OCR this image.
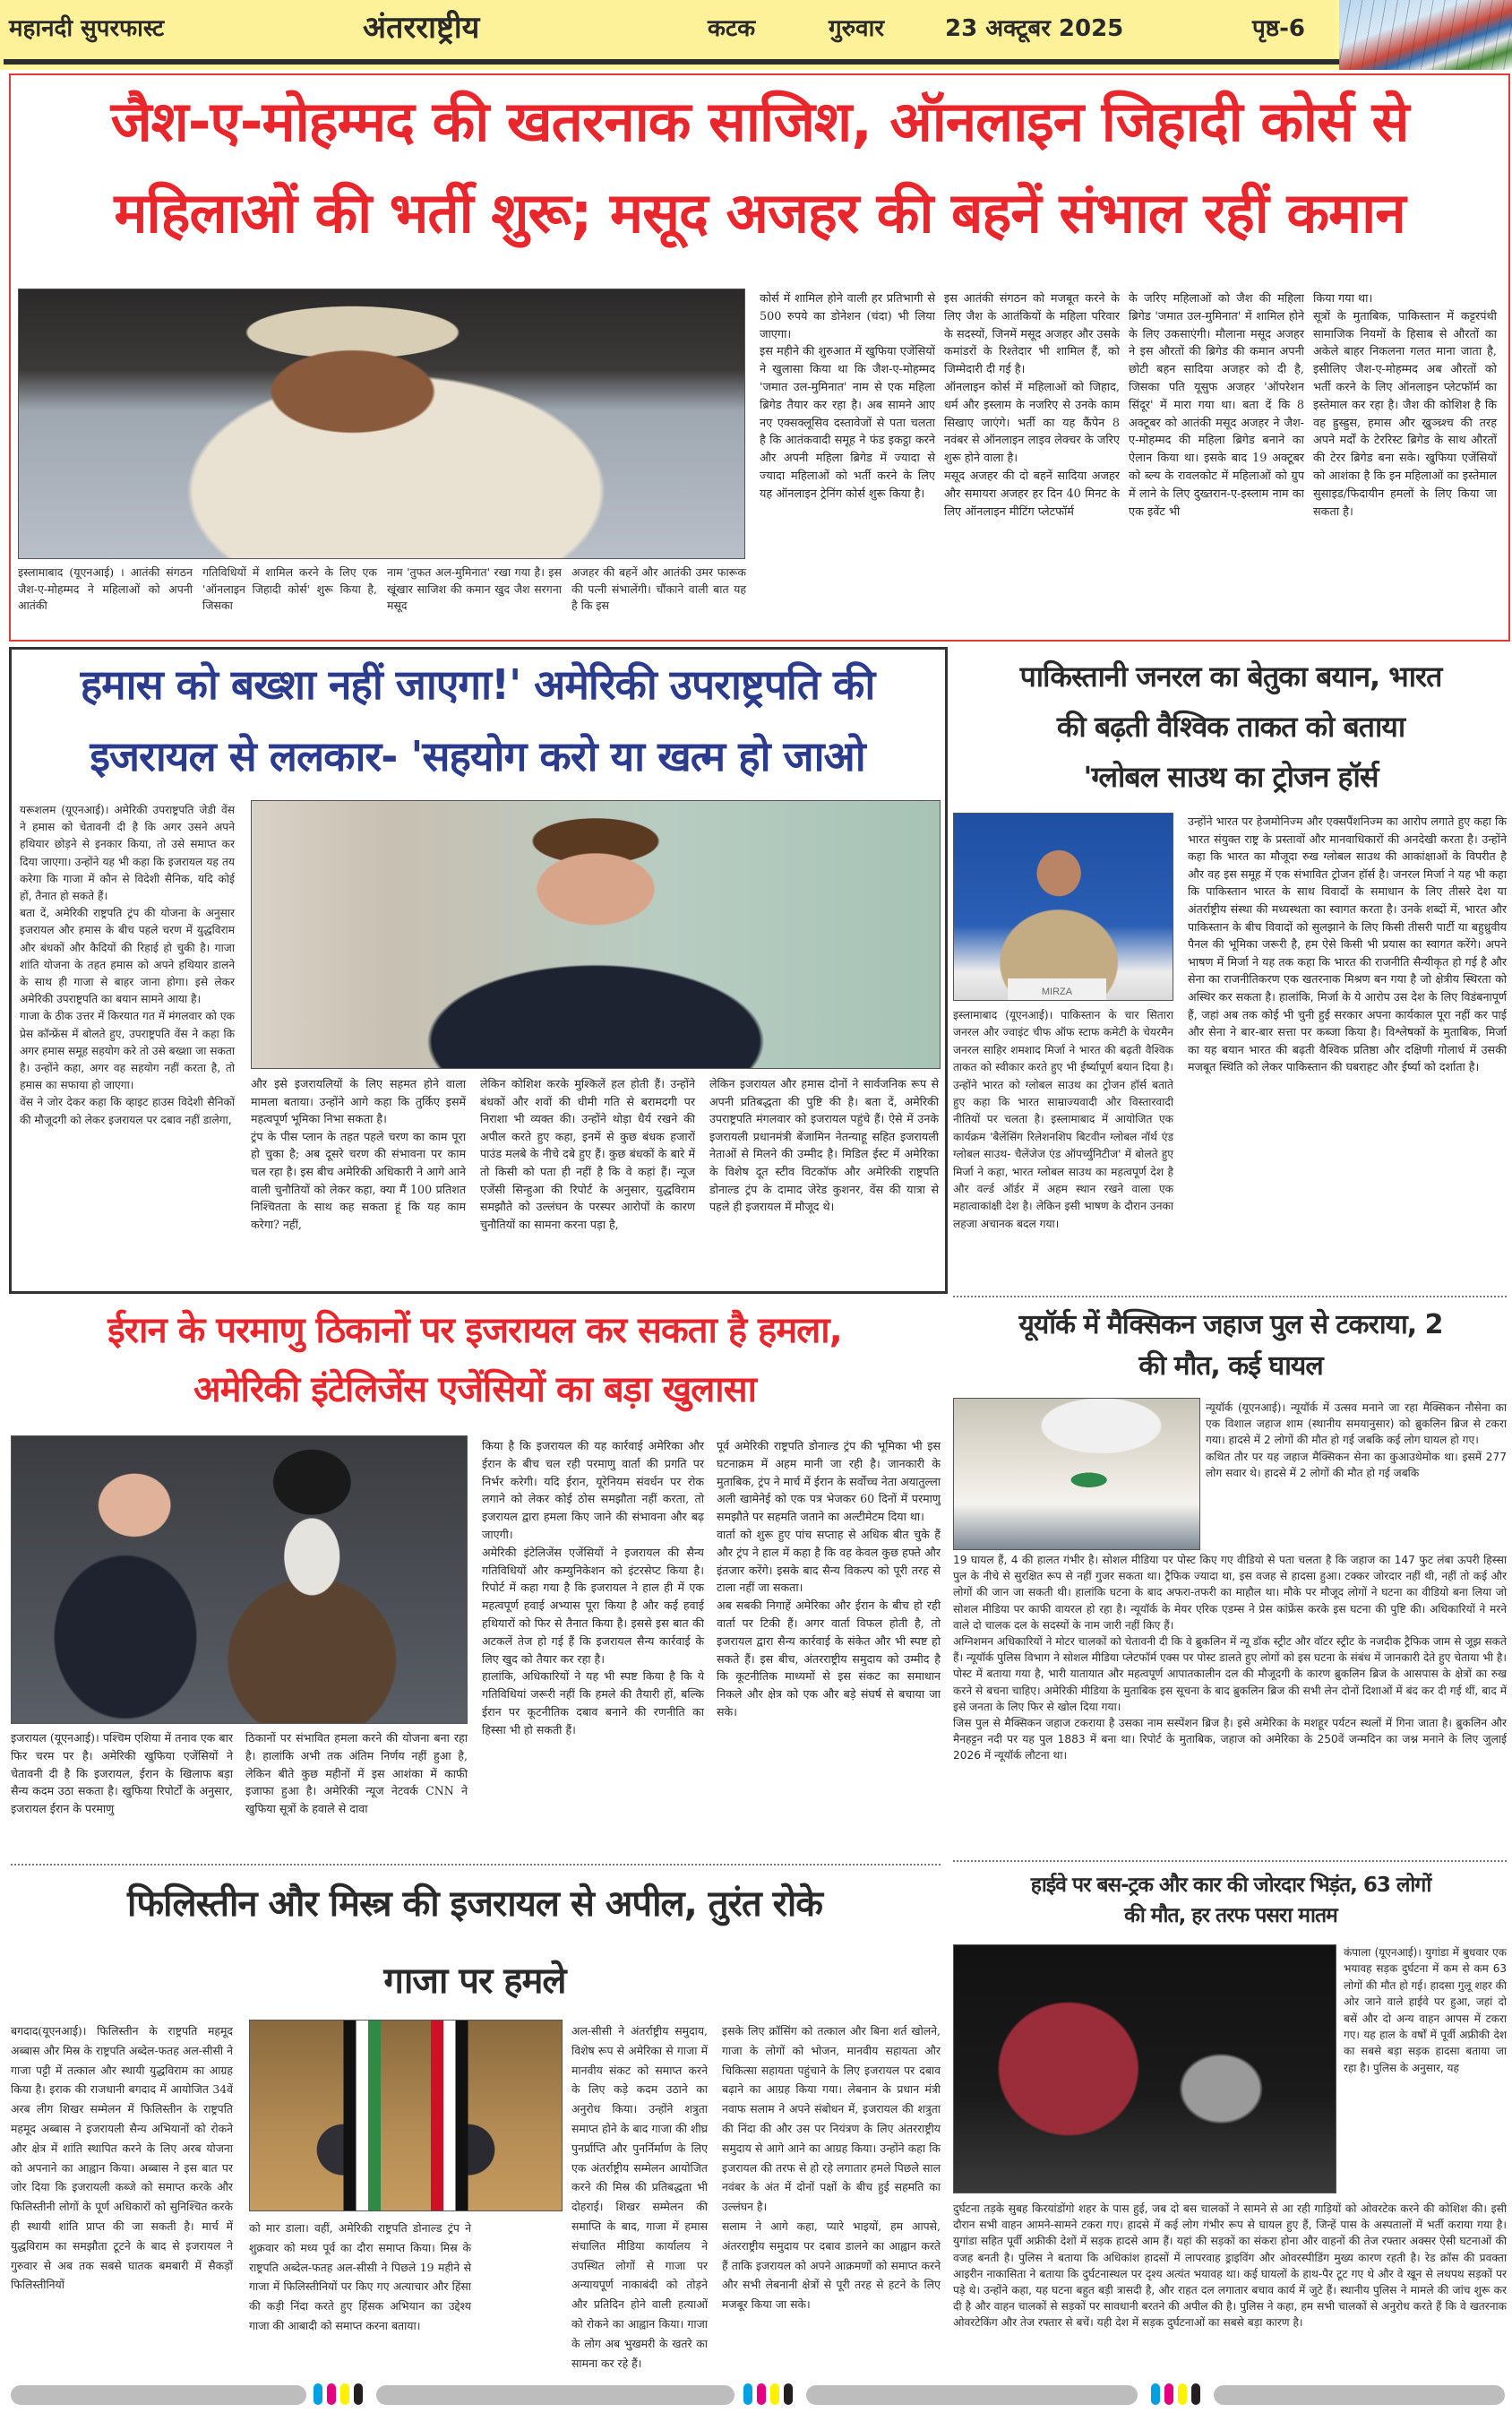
महानदी सुपरफास्ट	अंतरराष्ट्रीय	कटक	गुरुवार	23 अक्टूबर 2025	पृष्ठ-6
जैश-ए-मोहम्मद की खतरनाक साजिश, ऑनलाइन जिहादी कोर्स से
महिलाओं की भर्ती शुरू; मसूद अजहर की बहनें संभाल रहीं कमान
इस्लामाबाद (यूएनआई) । आतंकी संगठन जैश-ए-मोहम्मद ने महिलाओं को अपनी आतंकी
गतिविधियों में शामिल करने के लिए एक 'ऑनलाइन जिहादी कोर्स' शुरू किया है, जिसका
नाम 'तुफत अल-मुमिनात' रखा गया है। इस खूंखार साजिश की कमान खुद जैश सरगना मसूद
अजहर की बहनें और आतंकी उमर फारूक की पत्नी संभालेंगी। चौंकाने वाली बात यह है कि इस
कोर्स में शामिल होने वाली हर प्रतिभागी से 500 रुपये का डोनेशन (चंदा) भी लिया जाएगा।
इस महीने की शुरुआत में खुफिया एजेंसियों ने खुलासा किया था कि जैश-ए-मोहम्मद 'जमात उल-मुमिनात' नाम से एक महिला ब्रिगेड तैयार कर रहा है। अब सामने आए नए एक्सक्लूसिव दस्तावेजों से पता चलता है कि आतंकवादी समूह ने फंड इकट्ठा करने और अपनी महिला ब्रिगेड में ज्यादा से ज्यादा महिलाओं को भर्ती करने के लिए यह ऑनलाइन ट्रेनिंग कोर्स शुरू किया है।
इस आतंकी संगठन को मजबूत करने के लिए जैश के आतंकियों के महिला परिवार के सदस्यों, जिनमें मसूद अजहर और उसके कमांडरों के रिश्तेदार भी शामिल हैं, को जिम्मेदारी दी गई है।
ऑनलाइन कोर्स में महिलाओं को जिहाद, धर्म और इस्लाम के नजरिए से उनके काम सिखाए जाएंगे। भर्ती का यह कैंपेन 8 नवंबर से ऑनलाइन लाइव लेक्चर के जरिए शुरू होने वाला है।
मसूद अजहर की दो बहनें सादिया अजहर और समायरा अजहर हर दिन 40 मिनट के लिए ऑनलाइन मीटिंग प्लेटफॉर्म
के जरिए महिलाओं को जैश की महिला ब्रिगेड 'जमात उल-मुमिनात' में शामिल होने के लिए उकसाएंगी। मौलाना मसूद अजहर ने इस औरतों की ब्रिगेड की कमान अपनी छोटी बहन सादिया अजहर को दी है, जिसका पति यूसुफ अजहर 'ऑपरेशन सिंदूर' में मारा गया था। बता दें कि 8 अक्टूबर को आतंकी मसूद अजहर ने जैश-ए-मोहम्मद की महिला ब्रिगेड बनाने का ऐलान किया था। इसके बाद 19 अक्टूबर को ब्ल्य के रावलकोट में महिलाओं को ग्रुप में लाने के लिए दुख्तरान-ए-इस्लाम नाम का एक इवेंट भी
किया गया था।
सूत्रों के मुताबिक, पाकिस्तान में कट्टरपंथी सामाजिक नियमों के हिसाब से औरतों का अकेले बाहर निकलना गलत माना जाता है, इसीलिए जैश-ए-मोहम्मद अब औरतों को भर्ती करने के लिए ऑनलाइन प्लेटफॉर्म का इस्तेमाल कर रहा है। जैश की कोशिश है कि वह ह्रुस्ह्रुस, हमास और ख्रुञ्च्र्श्च की तरह अपने मर्दों के टेररिस्ट ब्रिगेड के साथ औरतों की टेरर ब्रिगेड बना सके। खुफिया एजेंसियों को आशंका है कि इन महिलाओं का इस्तेमाल सुसाइड/फिदायीन हमलों के लिए किया जा सकता है।
हमास को बख्शा नहीं जाएगा!' अमेरिकी उपराष्ट्रपति की
इजरायल से ललकार- 'सहयोग करो या खत्म हो जाओ
यरूशलम (यूएनआई)। अमेरिकी उपराष्ट्रपति जेडी वेंस ने हमास को चेतावनी दी है कि अगर उसने अपने हथियार छोड़ने से इनकार किया, तो उसे समाप्त कर दिया जाएगा। उन्होंने यह भी कहा कि इजरायल यह तय करेगा कि गाजा में कौन से विदेशी सैनिक, यदि कोई हों, तैनात हो सकते हैं।
बता दें, अमेरिकी राष्ट्रपति ट्रंप की योजना के अनुसार इजरायल और हमास के बीच पहले चरण में युद्धविराम और बंधकों और कैदियों की रिहाई हो चुकी है। गाजा शांति योजना के तहत हमास को अपने हथियार डालने के साथ ही गाजा से बाहर जाना होगा। इसे लेकर अमेरिकी उपराष्ट्रपति का बयान सामने आया है।
गाजा के ठीक उत्तर में किरयात गत में मंगलवार को एक प्रेस कॉन्फ्रेंस में बोलते हुए, उपराष्ट्रपति वेंस ने कहा कि अगर हमास समूह सहयोग करे तो उसे बख्शा जा सकता है। उन्होंने कहा, अगर वह सहयोग नहीं करता है, तो हमास का सफाया हो जाएगा।
वेंस ने जोर देकर कहा कि व्हाइट हाउस विदेशी सैनिकों की मौजूदगी को लेकर इजरायल पर दबाव नहीं डालेगा,
और इसे इजरायलियों के लिए सहमत होने वाला मामला बताया। उन्होंने आगे कहा कि तुर्किए इसमें महत्वपूर्ण भूमिका निभा सकता है।
ट्रंप के पीस प्लान के तहत पहले चरण का काम पूरा हो चुका है; अब दूसरे चरण की संभावना पर काम चल रहा है। इस बीच अमेरिकी अधिकारी ने आगे आने वाली चुनौतियों को लेकर कहा, क्या मैं 100 प्रतिशत निश्चितता के साथ कह सकता हूं कि यह काम करेगा? नहीं,
लेकिन कोशिश करके मुश्किलें हल होती हैं। उन्होंने बंधकों और शवों की धीमी गति से बरामदगी पर निराशा भी व्यक्त की। उन्होंने थोड़ा धैर्य रखने की अपील करते हुए कहा, इनमें से कुछ बंधक हजारों पाउंड मलबे के नीचे दबे हुए हैं। कुछ बंधकों के बारे में तो किसी को पता ही नहीं है कि वे कहां हैं। न्यूज एजेंसी सिन्हुआ की रिपोर्ट के अनुसार, युद्धविराम समझौते को उल्लंघन के परस्पर आरोपों के कारण चुनौतियों का सामना करना पड़ा है,
लेकिन इजरायल और हमास दोनों ने सार्वजनिक रूप से अपनी प्रतिबद्धता की पुष्टि की है। बता दें, अमेरिकी उपराष्ट्रपति मंगलवार को इजरायल पहुंचे हैं। ऐसे में उनके इजरायली प्रधानमंत्री बेंजामिन नेतन्याहू सहित इजरायली नेताओं से मिलने की उम्मीद है। मिडिल ईस्ट में अमेरिका के विशेष दूत स्टीव विटकॉफ और अमेरिकी राष्ट्रपति डोनाल्ड ट्रंप के दामाद जेरेड कुशनर, वेंस की यात्रा से पहले ही इजरायल में मौजूद थे।
पाकिस्तानी जनरल का बेतुका बयान, भारत
की बढ़ती वैश्विक ताकत को बताया
'ग्लोबल साउथ का ट्रोजन हॉर्स
MIRZA
इस्लामाबाद (यूएनआई)। पाकिस्तान के चार सितारा जनरल और ज्वाइंट चीफ ऑफ स्टाफ कमेटी के चेयरमैन जनरल साहिर शमशाद मिर्जा ने भारत की बढ़ती वैश्विक ताकत को स्वीकार करते हुए भी ईर्ष्यापूर्ण बयान दिया है। उन्होंने भारत को ग्लोबल साउथ का ट्रोजन हॉर्स बताते हुए कहा कि भारत साम्राज्यवादी और विस्तारवादी नीतियों पर चलता है। इस्लामाबाद में आयोजित एक कार्यक्रम 'बैलेंसिंग रिलेशनशिप बिटवीन ग्लोबल नॉर्थ एंड ग्लोबल साउथ- चैलेंजेज एंड ऑपर्च्युनिटीज' में बोलते हुए मिर्जा ने कहा, भारत ग्लोबल साउथ का महत्वपूर्ण देश है और वर्ल्ड ऑर्डर में अहम स्थान रखने वाला एक महात्वाकांक्षी देश है। लेकिन इसी भाषण के दौरान उनका लहजा अचानक बदल गया।
उन्होंने भारत पर हेजमोनिज्म और एक्सपैंशनिज्म का आरोप लगाते हुए कहा कि भारत संयुक्त राष्ट्र के प्रस्तावों और मानवाधिकारों की अनदेखी करता है। उन्होंने कहा कि भारत का मौजूदा रुख ग्लोबल साउथ की आकांक्षाओं के विपरीत है और वह इस समूह में एक संभावित ट्रोजन हॉर्स है। जनरल मिर्जा ने यह भी कहा कि पाकिस्तान भारत के साथ विवादों के समाधान के लिए तीसरे देश या अंतर्राष्ट्रीय संस्था की मध्यस्थता का स्वागत करता है। उनके शब्दों में, भारत और पाकिस्तान के बीच विवादों को सुलझाने के लिए किसी तीसरी पार्टी या बहुध्रुवीय पैनल की भूमिका जरूरी है, हम ऐसे किसी भी प्रयास का स्वागत करेंगे। अपने भाषण में मिर्जा ने यह तक कहा कि भारत की राजनीति सैन्यीकृत हो गई है और सेना का राजनीतिकरण एक खतरनाक मिश्रण बन गया है जो क्षेत्रीय स्थिरता को अस्थिर कर सकता है। हालांकि, मिर्जा के ये आरोप उस देश के लिए विडंबनापूर्ण हैं, जहां अब तक कोई भी चुनी हुई सरकार अपना कार्यकाल पूरा नहीं कर पाई और सेना ने बार-बार सत्ता पर कब्जा किया है। विश्लेषकों के मुताबिक, मिर्जा का यह बयान भारत की बढ़ती वैश्विक प्रतिष्ठा और दक्षिणी गोलार्ध में उसकी मजबूत स्थिति को लेकर पाकिस्तान की घबराहट और ईर्ष्या को दर्शाता है।
ईरान के परमाणु ठिकानों पर इजरायल कर सकता है हमला,
अमेरिकी इंटेलिजेंस एजेंसियों का बड़ा खुलासा
इजरायल (यूएनआई)। पश्चिम एशिया में तनाव एक बार फिर चरम पर है। अमेरिकी खुफिया एजेंसियों ने चेतावनी दी है कि इजरायल, ईरान के खिलाफ बड़ा सैन्य कदम उठा सकता है। खुफिया रिपोर्टों के अनुसार, इजरायल ईरान के परमाणु
ठिकानों पर संभावित हमला करने की योजना बना रहा है। हालांकि अभी तक अंतिम निर्णय नहीं हुआ है, लेकिन बीते कुछ महीनों में इस आशंका में काफी इजाफा हुआ है। अमेरिकी न्यूज नेटवर्क CNN ने खुफिया सूत्रों के हवाले से दावा
किया है कि इजरायल की यह कार्रवाई अमेरिका और ईरान के बीच चल रही परमाणु वार्ता की प्रगति पर निर्भर करेगी। यदि ईरान, यूरेनियम संवर्धन पर रोक लगाने को लेकर कोई ठोस समझौता नहीं करता, तो इजरायल द्वारा हमला किए जाने की संभावना और बढ़ जाएगी।
अमेरिकी इंटेलिजेंस एजेंसियों ने इजरायल की सैन्य गतिविधियों और कम्युनिकेशन को इंटरसेप्ट किया है। रिपोर्ट में कहा गया है कि इजरायल ने हाल ही में एक महत्वपूर्ण हवाई अभ्यास पूरा किया है और कई हवाई हथियारों को फिर से तैनात किया है। इससे इस बात की अटकलें तेज हो गई हैं कि इजरायल सैन्य कार्रवाई के लिए खुद को तैयार कर रहा है।
हालांकि, अधिकारियों ने यह भी स्पष्ट किया है कि ये गतिविधियां जरूरी नहीं कि हमले की तैयारी हों, बल्कि ईरान पर कूटनीतिक दबाव बनाने की रणनीति का हिस्सा भी हो सकती हैं।
पूर्व अमेरिकी राष्ट्रपति डोनाल्ड ट्रंप की भूमिका भी इस घटनाक्रम में अहम मानी जा रही है। जानकारी के मुताबिक, ट्रंप ने मार्च में ईरान के सर्वोच्च नेता अयातुल्ला अली खामेनेई को एक पत्र भेजकर 60 दिनों में परमाणु समझौते पर सहमति जताने का अल्टीमेटम दिया था।
वार्ता को शुरू हुए पांच सप्ताह से अधिक बीत चुके हैं और ट्रंप ने हाल में कहा है कि वह केवल कुछ हफ्ते और इंतजार करेंगे। इसके बाद सैन्य विकल्प को पूरी तरह से टाला नहीं जा सकता।
अब सबकी निगाहें अमेरिका और ईरान के बीच हो रही वार्ता पर टिकी हैं। अगर वार्ता विफल होती है, तो इजरायल द्वारा सैन्य कार्रवाई के संकेत और भी स्पष्ट हो सकते हैं। इस बीच, अंतरराष्ट्रीय समुदाय को उम्मीद है कि कूटनीतिक माध्यमों से इस संकट का समाधान निकले और क्षेत्र को एक और बड़े संघर्ष से बचाया जा सके।
यूयॉर्क में मैक्सिकन जहाज पुल से टकराया, 2
की मौत, कई घायल
न्यूयॉर्क (यूएनआई)। न्यूयॉर्क में उत्सव मनाने जा रहा मैक्सिकन नौसेना का एक विशाल जहाज शाम (स्थानीय समयानुसार) को ब्रुकलिन ब्रिज से टकरा गया। हादसे में 2 लोगों की मौत हो गई जबकि कई लोग घायल हो गए।
कथित तौर पर यह जहाज मैक्सिकन सेना का कुआउथेमोक था। इसमें 277 लोग सवार थे। हादसे में 2 लोगों की मौत हो गई जबकि
19 घायल हैं, 4 की हालत गंभीर है। सोशल मीडिया पर पोस्ट किए गए वीडियो से पता चलता है कि जहाज का 147 फुट लंबा ऊपरी हिस्सा पुल के नीचे से सुरक्षित रूप से नहीं गुजर सकता था। ट्रैफिक ज्यादा था, इस वजह से हादसा हुआ। टक्कर जोरदार नहीं थी, नहीं तो कई और लोगों की जान जा सकती थी। हालांकि घटना के बाद अफरा-तफरी का माहौल था। मौके पर मौजूद लोगों ने घटना का वीडियो बना लिया जो सोशल मीडिया पर काफी वायरल हो रहा है। न्यूयॉर्क के मेयर एरिक एडम्स ने प्रेस कांफ्रेंस करके इस घटना की पुष्टि की। अधिकारियों ने मरने वाले दो चालक दल के सदस्यों के नाम जारी नहीं किए हैं।
अग्निशमन अधिकारियों ने मोटर चालकों को चेतावनी दी कि वे ब्रुकलिन में न्यू डॉक स्ट्रीट और वॉटर स्ट्रीट के नजदीक ट्रैफिक जाम से जूझ सकते हैं। न्यूयॉर्क पुलिस विभाग ने सोशल मीडिया प्लेटफॉर्म एक्स पर पोस्ट डालते हुए लोगों को इस घटना के संबंध में जानकारी देते हुए चेताया भी है। पोस्ट में बताया गया है, भारी यातायात और महत्वपूर्ण आपातकालीन दल की मौजूदगी के कारण ब्रुकलिन ब्रिज के आसपास के क्षेत्रों का रुख करने से बचना चाहिए। अमेरिकी मीडिया के मुताबिक इस सूचना के बाद ब्रुकलिन ब्रिज की सभी लेन दोनों दिशाओं में बंद कर दी गई थीं, बाद में इसे जनता के लिए फिर से खोल दिया गया।
जिस पुल से मैक्सिकन जहाज टकराया है उसका नाम सस्पेंशन ब्रिज है। इसे अमेरिका के मशहूर पर्यटन स्थलों में गिना जाता है। ब्रुकलिन और मैनहट्टन नदी पर यह पुल 1883 में बना था। रिपोर्ट के मुताबिक, जहाज को अमेरिका के 250वें जन्मदिन का जश्न मनाने के लिए जुलाई 2026 में न्यूयॉर्क लौटना था।
फिलिस्तीन और मिस्त्र की इजरायल से अपील, तुरंत रोके
गाजा पर हमले
बगदाद(यूएनआई)। फिलिस्तीन के राष्ट्रपति महमूद अब्बास और मिस्र के राष्ट्रपति अब्देल-फतह अल-सीसी ने गाजा पट्टी में तत्काल और स्थायी युद्धविराम का आग्रह किया है। इराक की राजधानी बगदाद में आयोजित 34वें अरब लीग शिखर सम्मेलन में फिलिस्तीन के राष्ट्रपति महमूद अब्बास ने इजरायली सैन्य अभियानों को रोकने और क्षेत्र में शांति स्थापित करने के लिए अरब योजना को अपनाने का आह्वान किया। अब्बास ने इस बात पर जोर दिया कि इजरायली कब्जे को समाप्त करके और फिलिस्तीनी लोगों के पूर्ण अधिकारों को सुनिश्चित करके ही स्थायी शांति प्राप्त की जा सकती है। मार्च में युद्धविराम का समझौता टूटने के बाद से इजरायल ने गुरुवार से अब तक सबसे घातक बमबारी में सैकड़ों फिलिस्तीनियों
को मार डाला। वहीं, अमेरिकी राष्ट्रपति डोनाल्ड ट्रंप ने शुक्रवार को मध्य पूर्व का दौरा समाप्त किया। मिस्र के राष्ट्रपति अब्देल-फतह अल-सीसी ने पिछले 19 महीने से गाजा में फिलिस्तीनियों पर किए गए अत्याचार और हिंसा की कड़ी निंदा करते हुए हिंसक अभियान का उद्देश्य गाजा की आबादी को समाप्त करना बताया।
अल-सीसी ने अंतर्राष्ट्रीय समुदाय, विशेष रूप से अमेरिका से गाजा में मानवीय संकट को समाप्त करने के लिए कड़े कदम उठाने का अनुरोध किया। उन्होंने शत्रुता समाप्त होने के बाद गाजा की शीघ्र पुनर्प्राप्ति और पुनर्निर्माण के लिए एक अंतर्राष्ट्रीय सम्मेलन आयोजित करने की मिस्र की प्रतिबद्धता भी दोहराई। शिखर सम्मेलन की समाप्ति के बाद, गाजा में हमास संचालित मीडिया कार्यालय ने उपस्थित लोगों से गाजा पर अन्यायपूर्ण नाकाबंदी को तोड़ने और प्रतिदिन होने वाली हत्याओं को रोकने का आह्वान किया। गाजा के लोग अब भुखमरी के खतरे का सामना कर रहे हैं।
इसके लिए क्रॉसिंग को तत्काल और बिना शर्त खोलने, गाजा के लोगों को भोजन, मानवीय सहायता और चिकित्सा सहायता पहुंचाने के लिए इजरायल पर दबाव बढ़ाने का आग्रह किया गया। लेबनान के प्रधान मंत्री नवाफ सलाम ने अपने संबोधन में, इजरायल की शत्रुता की निंदा की और उस पर नियंत्रण के लिए अंतरराष्ट्रीय समुदाय से आगे आने का आग्रह किया। उन्होंने कहा कि इजरायल की तरफ से हो रहे लगातार हमले पिछले साल नवंबर के अंत में दोनों पक्षों के बीच हुई सहमति का उल्लंघन है।
सलाम ने आगे कहा, प्यारे भाइयों, हम आपसे, अंतरराष्ट्रीय समुदाय पर दबाव डालने का आह्वान करते हैं ताकि इजरायल को अपने आक्रमणों को समाप्त करने और सभी लेबनानी क्षेत्रों से पूरी तरह से हटने के लिए मजबूर किया जा सके।
हाईवे पर बस-ट्रक और कार की जोरदार भिड़ंत, 63 लोगों
की मौत, हर तरफ पसरा मातम
कंपाला (यूएनआई)। युगांडा में बुधवार एक भयावह सड़क दुर्घटना में कम से कम 63 लोगों की मौत हो गई। हादसा गुलू शहर की ओर जाने वाले हाईवे पर हुआ, जहां दो बसें और दो अन्य वाहन आपस में टकरा गए। यह हाल के वर्षों में पूर्वी अफ्रीकी देश का सबसे बड़ा सड़क हादसा बताया जा रहा है। पुलिस के अनुसार, यह
दुर्घटना तड़के सुबह किरयांडोंगो शहर के पास हुई, जब दो बस चालकों ने सामने से आ रही गाड़ियों को ओवरटेक करने की कोशिश की। इसी दौरान सभी वाहन आमने-सामने टकरा गए। हादसे में कई लोग गंभीर रूप से घायल हुए हैं, जिन्हें पास के अस्पतालों में भर्ती कराया गया है। युगांडा सहित पूर्वी अफ्रीकी देशों में सड़क हादसे आम हैं। यहां की सड़कों का संकरा होना और वाहनों की तेज रफ्तार अक्सर ऐसी घटनाओं की वजह बनती है। पुलिस ने बताया कि अधिकांश हादसों में लापरवाह ड्राइविंग और ओवरस्पीडिंग मुख्य कारण रहती है। रेड क्रॉस की प्रवक्ता आइरीन नाकासिता ने बताया कि दुर्घटनास्थल पर दृश्य अत्यंत भयावह था। कई घायलों के हाथ-पैर टूट गए थे और वे खून से लथपथ सड़कों पर पड़े थे। उन्होंने कहा, यह घटना बहुत बड़ी त्रासदी है, और राहत दल लगातार बचाव कार्य में जुटे हैं। स्थानीय पुलिस ने मामले की जांच शुरू कर दी है और वाहन चालकों से सड़कों पर सावधानी बरतने की अपील की है। पुलिस ने कहा, हम सभी चालकों से अनुरोध करते हैं कि वे खतरनाक ओवरटेकिंग और तेज रफ्तार से बचें। यही देश में सड़क दुर्घटनाओं का सबसे बड़ा कारण है।
